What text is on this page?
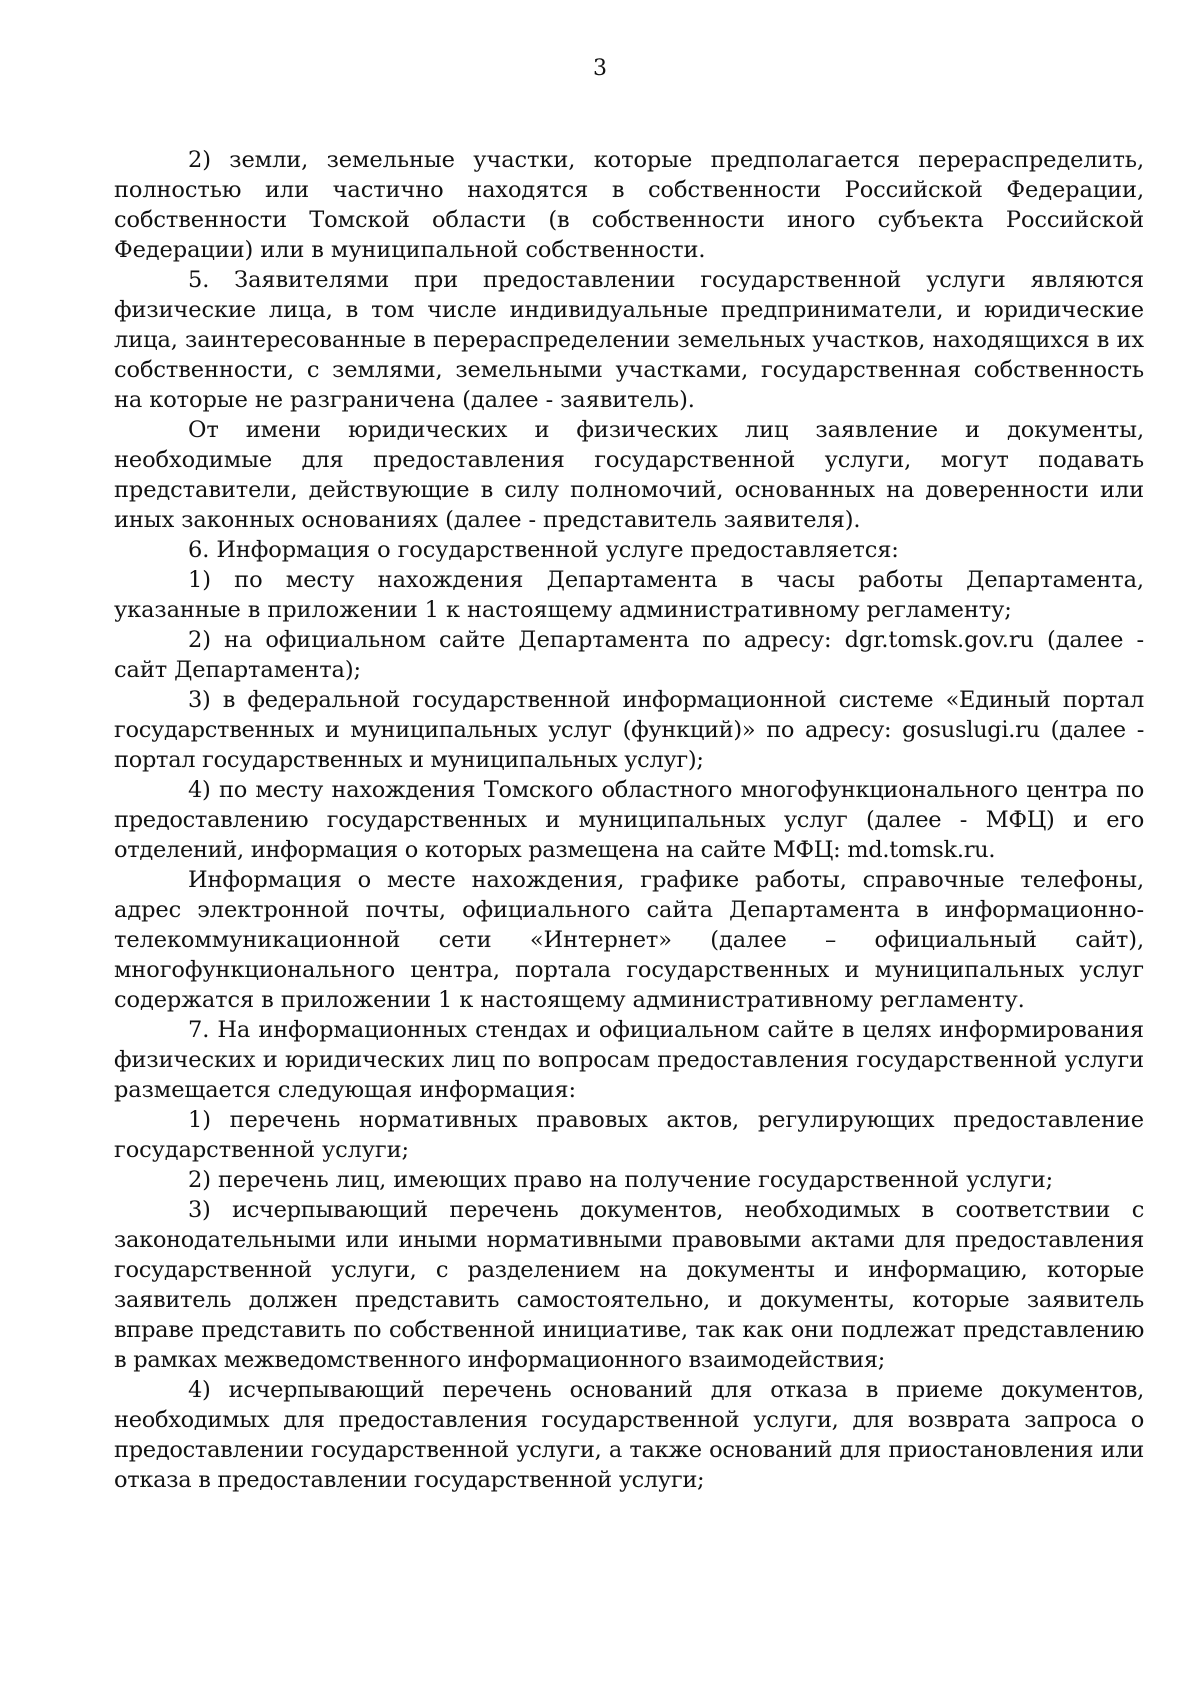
3

2) земли, земельные участки, которые предполагается перераспределить, полностью или частично находятся в собственности Российской Федерации, собственности Томской области (в собственности иного субъекта Российской Федерации) или в муниципальной собственности.

5. Заявителями при предоставлении государственной услуги являются физические лица, в том числе индивидуальные предприниматели, и юридические лица, заинтересованные в перераспределении земельных участков, находящихся в их собственности, с землями, земельными участками, государственная собственность на которые не разграничена (далее - заявитель).

От имени юридических и физических лиц заявление и документы, необходимые для предоставления государственной услуги, могут подавать представители, действующие в силу полномочий, основанных на доверенности или иных законных основаниях (далее - представитель заявителя).

6. Информация о государственной услуге предоставляется:

1) по месту нахождения Департамента в часы работы Департамента, указанные в приложении 1 к настоящему административному регламенту;

2) на официальном сайте Департамента по адресу: dgr.tomsk.gov.ru (далее - сайт Департамента);

3) в федеральной государственной информационной системе «Единый портал государственных и муниципальных услуг (функций)» по адресу: gosuslugi.ru (далее - портал государственных и муниципальных услуг);

4) по месту нахождения Томского областного многофункционального центра по предоставлению государственных и муниципальных услуг (далее - МФЦ) и его отделений, информация о которых размещена на сайте МФЦ: md.tomsk.ru.

Информация о месте нахождения, графике работы, справочные телефоны, адрес электронной почты, официального сайта Департамента в информационно-телекоммуникационной сети «Интернет» (далее – официальный сайт), многофункционального центра, портала государственных и муниципальных услуг содержатся в приложении 1 к настоящему административному регламенту.

7. На информационных стендах и официальном сайте в целях информирования физических и юридических лиц по вопросам предоставления государственной услуги размещается следующая информация:

1) перечень нормативных правовых актов, регулирующих предоставление государственной услуги;

2) перечень лиц, имеющих право на получение государственной услуги;

3) исчерпывающий перечень документов, необходимых в соответствии с законодательными или иными нормативными правовыми актами для предоставления государственной услуги, с разделением на документы и информацию, которые заявитель должен представить самостоятельно, и документы, которые заявитель вправе представить по собственной инициативе, так как они подлежат представлению в рамках межведомственного информационного взаимодействия;

4) исчерпывающий перечень оснований для отказа в приеме документов, необходимых для предоставления государственной услуги, для возврата запроса о предоставлении государственной услуги, а также оснований для приостановления или отказа в предоставлении государственной услуги;
